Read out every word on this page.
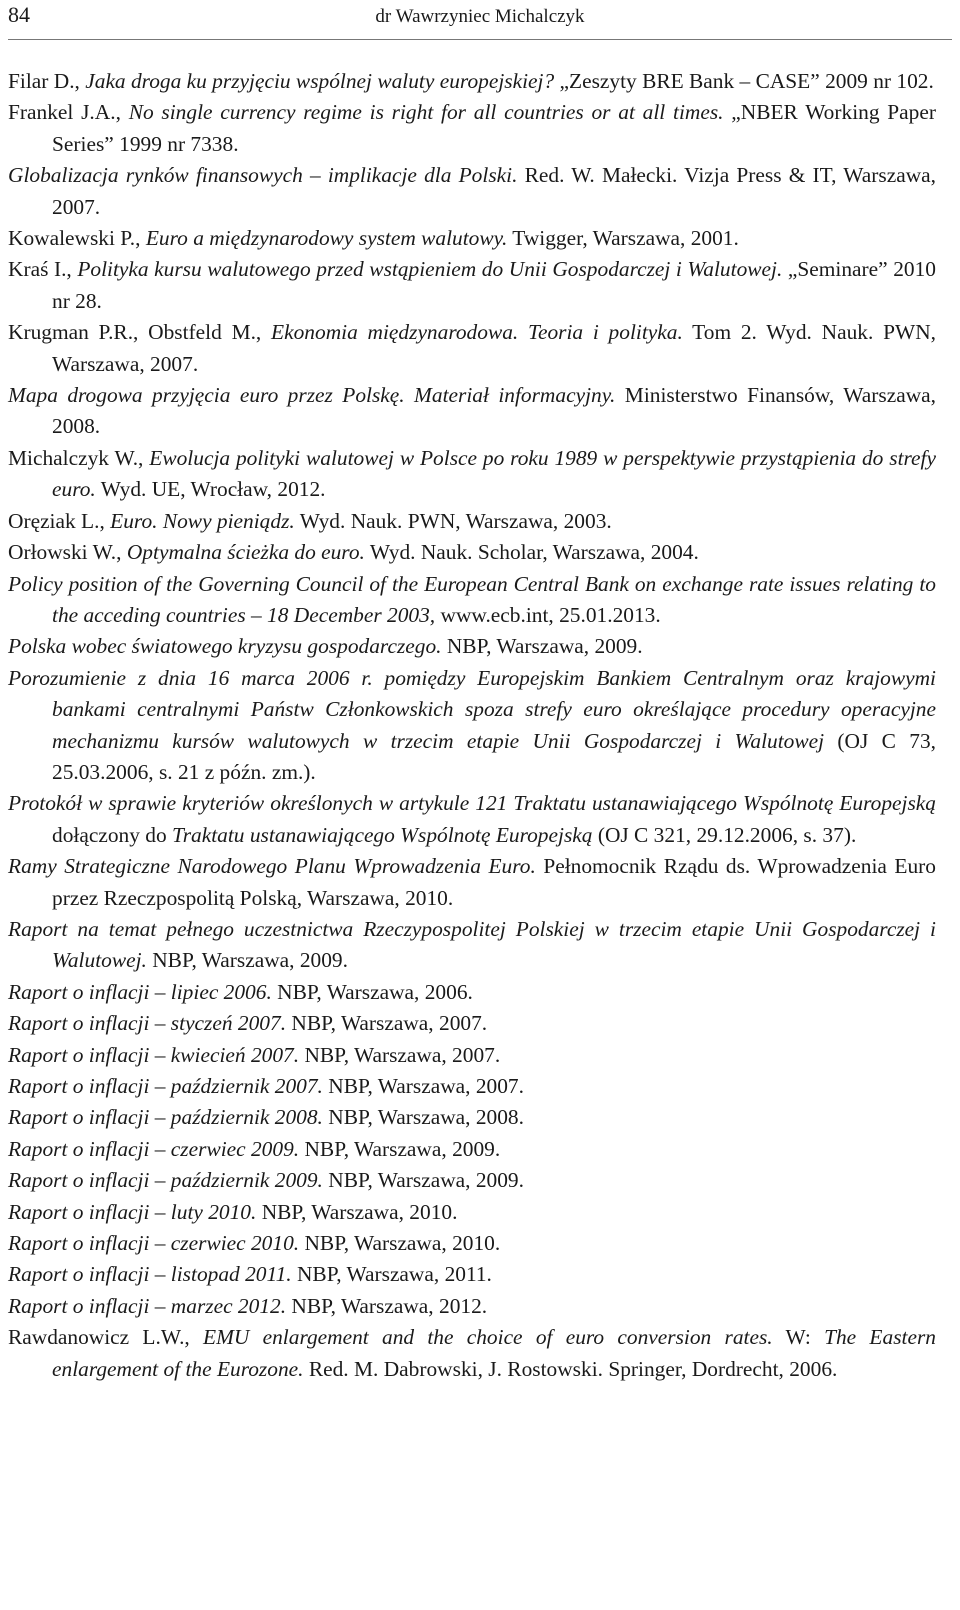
84	dr Wawrzyniec Michalczyk

Filar D., Jaka droga ku przyjęciu wspólnej waluty europejskiej? „Zeszyty BRE Bank – CASE” 2009 nr 102.

Frankel J.A., No single currency regime is right for all countries or at all times. „NBER Working Paper Series” 1999 nr 7338.

Globalizacja rynków finansowych – implikacje dla Polski. Red. W. Małecki. Vizja Press & IT, Warszawa, 2007.

Kowalewski P., Euro a międzynarodowy system walutowy. Twigger, Warszawa, 2001.

Kraś I., Polityka kursu walutowego przed wstąpieniem do Unii Gospodarczej i Walutowej. „Seminare” 2010 nr 28.

Krugman P.R., Obstfeld M., Ekonomia międzynarodowa. Teoria i polityka. Tom 2. Wyd. Nauk. PWN, Warszawa, 2007.

Mapa drogowa przyjęcia euro przez Polskę. Materiał informacyjny. Ministerstwo Finansów, Warszawa, 2008.

Michalczyk W., Ewolucja polityki walutowej w Polsce po roku 1989 w perspektywie przystąpienia do strefy euro. Wyd. UE, Wrocław, 2012.

Oręziak L., Euro. Nowy pieniądz. Wyd. Nauk. PWN, Warszawa, 2003.

Orłowski W., Optymalna ścieżka do euro. Wyd. Nauk. Scholar, Warszawa, 2004.

Policy position of the Governing Council of the European Central Bank on exchange rate issues relating to the acceding countries – 18 December 2003, www.ecb.int, 25.01.2013.

Polska wobec światowego kryzysu gospodarczego. NBP, Warszawa, 2009.

Porozumienie z dnia 16 marca 2006 r. pomiędzy Europejskim Bankiem Centralnym oraz krajowymi bankami centralnymi Państw Członkowskich spoza strefy euro określające procedury operacyjne mechanizmu kursów walutowych w trzecim etapie Unii Gospodarczej i Walutowej (OJ C 73, 25.03.2006, s. 21 z późn. zm.).

Protokół w sprawie kryteriów określonych w artykule 121 Traktatu ustanawiającego Wspólnotę Europejską dołączony do Traktatu ustanawiającego Wspólnotę Europejską (OJ C 321, 29.12.2006, s. 37).

Ramy Strategiczne Narodowego Planu Wprowadzenia Euro. Pełnomocnik Rządu ds. Wprowadzenia Euro przez Rzeczpospolitą Polską, Warszawa, 2010.

Raport na temat pełnego uczestnictwa Rzeczypospolitej Polskiej w trzecim etapie Unii Gospodarczej i Walutowej. NBP, Warszawa, 2009.

Raport o inflacji – lipiec 2006. NBP, Warszawa, 2006.

Raport o inflacji – styczeń 2007. NBP, Warszawa, 2007.

Raport o inflacji – kwiecień 2007. NBP, Warszawa, 2007.

Raport o inflacji – październik 2007. NBP, Warszawa, 2007.

Raport o inflacji – październik 2008. NBP, Warszawa, 2008.

Raport o inflacji – czerwiec 2009. NBP, Warszawa, 2009.

Raport o inflacji – październik 2009. NBP, Warszawa, 2009.

Raport o inflacji – luty 2010. NBP, Warszawa, 2010.

Raport o inflacji – czerwiec 2010. NBP, Warszawa, 2010.

Raport o inflacji – listopad 2011. NBP, Warszawa, 2011.

Raport o inflacji – marzec 2012. NBP, Warszawa, 2012.

Rawdanowicz L.W., EMU enlargement and the choice of euro conversion rates. W: The Eastern enlargement of the Eurozone. Red. M. Dabrowski, J. Rostowski. Springer, Dordrecht, 2006.
